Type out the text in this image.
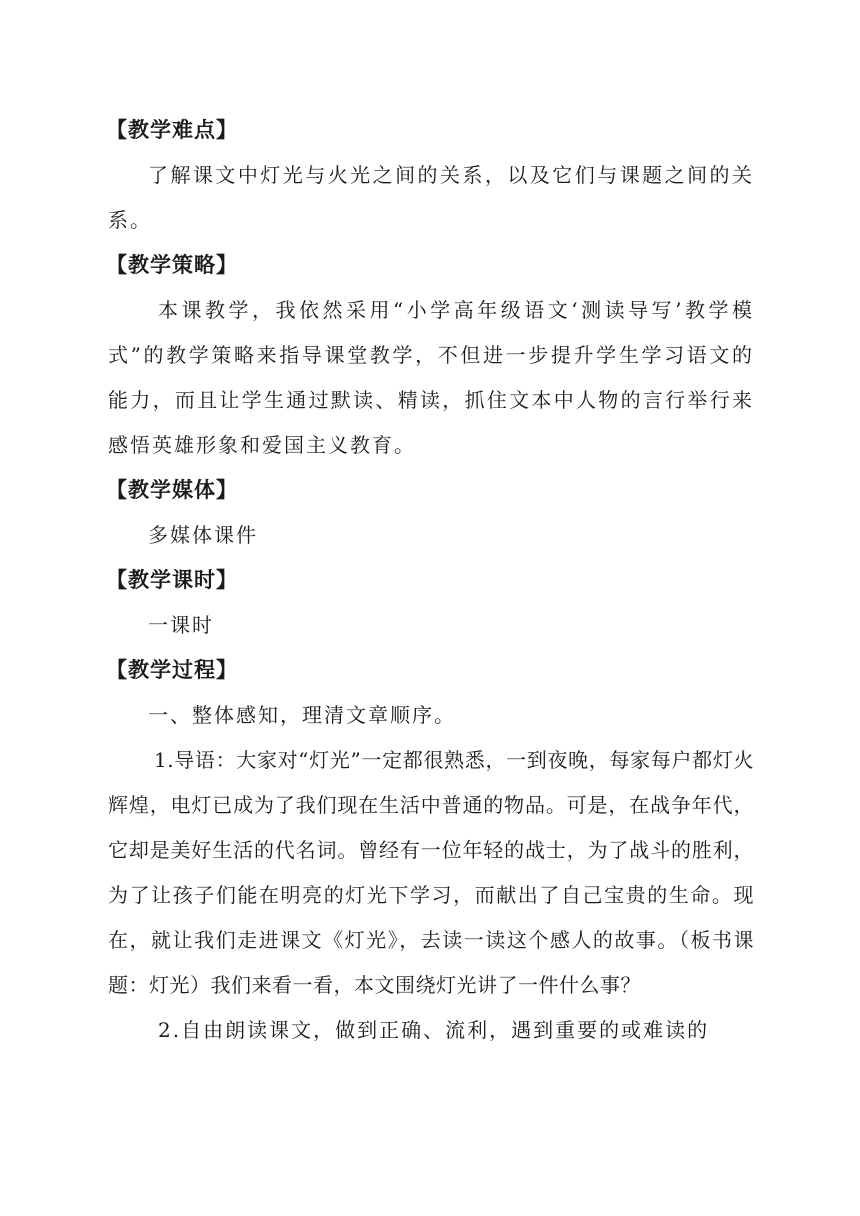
【教学难点】

了解课文中灯光与火光之间的关系，以及它们与课题之间的关系。

【教学策略】

本课教学，我依然采用“小学高年级语文‘测读导写’教学模式”的教学策略来指导课堂教学，不但进一步提升学生学习语文的能力，而且让学生通过默读、精读，抓住文本中人物的言行举行来感悟英雄形象和爱国主义教育。

【教学媒体】

多媒体课件

【教学课时】

一课时

【教学过程】

一、整体感知，理清文章顺序。

1.导语：大家对“灯光”一定都很熟悉，一到夜晚，每家每户都灯火辉煌，电灯已成为了我们现在生活中普通的物品。可是，在战争年代，它却是美好生活的代名词。曾经有一位年轻的战士，为了战斗的胜利，为了让孩子们能在明亮的灯光下学习，而献出了自己宝贵的生命。现在，就让我们走进课文《灯光》，去读一读这个感人的故事。（板书课题：灯光）我们来看一看，本文围绕灯光讲了一件什么事？

2.自由朗读课文，做到正确、流利，遇到重要的或难读的
